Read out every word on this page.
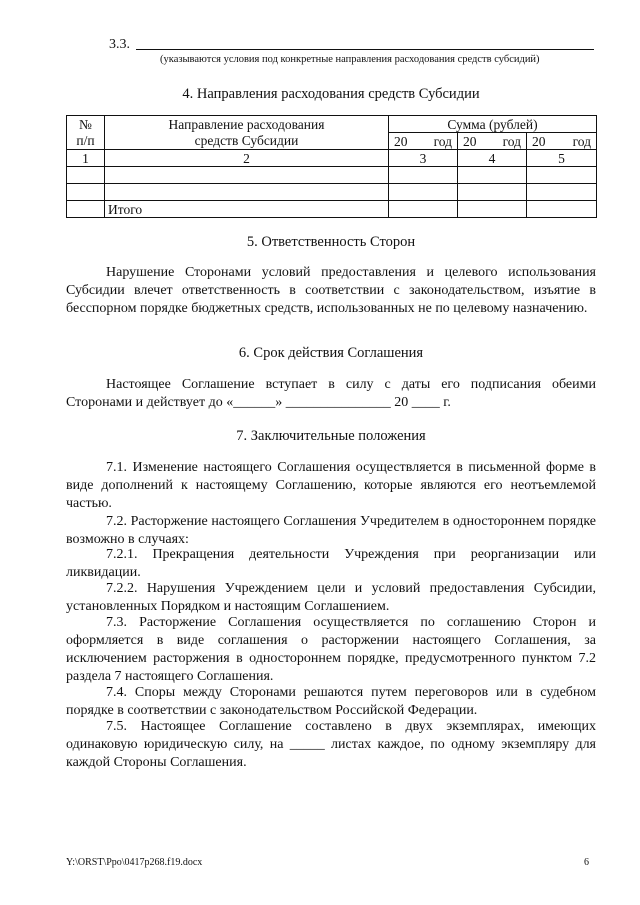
3.3.
(указываются условия под конкретные направления расходования средств субсидий)
4. Направления расходования средств Субсидии
№	Направление расходования	Сумма (рублей)		
п/п	средств Субсидии	20 год	20 год	20 год

1	2	3	4	5

	Итого			
5. Ответственность Сторон

Нарушение Сторонами условий предоставления и целевого использования Субсидии влечет ответственность в соответствии с законодательством, изъятие в бесспорном порядке бюджетных средств, использованных не по целевому назначению.

6. Срок действия Соглашения

Настоящее Соглашение вступает в силу с даты его подписания обеими

Сторонами и действует до «______» _______________ 20 ____ г.

7. Заключительные положения

7.1. Изменение настоящего Соглашения осуществляется в письменной форме в виде дополнений к настоящему Соглашению, которые являются его неотъемлемой частью.

7.2. Расторжение настоящего Соглашения Учредителем в одностороннем порядке возможно в случаях:

7.2.1. Прекращения деятельности Учреждения при реорганизации или ликвидации.

7.2.2. Нарушения Учреждением цели и условий предоставления Субсидии, установленных Порядком и настоящим Соглашением.

7.3. Расторжение Соглашения осуществляется по соглашению Сторон и оформляется в виде соглашения о расторжении настоящего Соглашения, за исключением расторжения в одностороннем порядке, предусмотренного пунктом 7.2 раздела 7 настоящего Соглашения.

7.4. Споры между Сторонами решаются путем переговоров или в судебном порядке в соответствии с законодательством Российской Федерации.

7.5. Настоящее Соглашение составлено в двух экземплярах, имеющих одинаковую юридическую силу, на _____ листах каждое, по одному экземпляру для каждой Стороны Соглашения.

Y:\ORST\Ppo\0417p268.f19.docx	6
